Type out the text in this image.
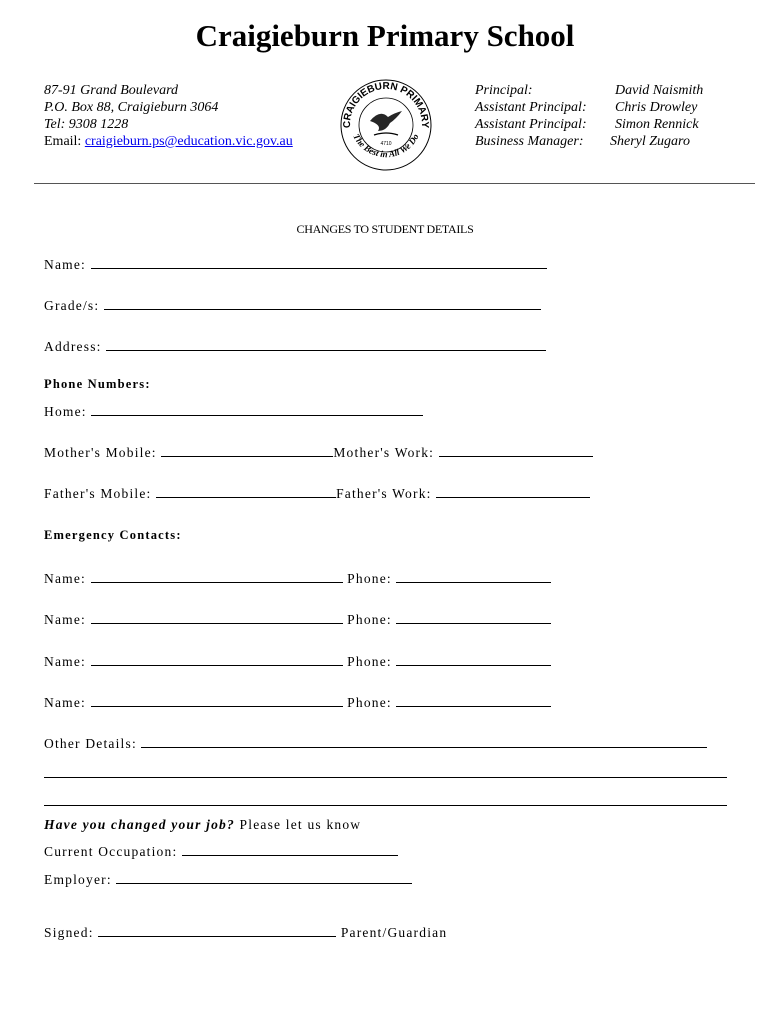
Craigieburn Primary School
87-91 Grand Boulevard
P.O. Box 88, Craigieburn 3064
Tel: 9308 1228
Email: craigieburn.ps@education.vic.gov.au
CRAIGIEBURN PRIMARY
The Best in All We Do
4710
Principal:	David Naismith
Assistant Principal: Chris Drowley
Assistant Principal: Simon Rennick
Business Manager: Sheryl Zugaro
CHANGES TO STUDENT DETAILS
Name:
Grade/s:
Address:
Phone Numbers:
Home:
Mother's Mobile:	Mother's Work:
Father's Mobile:	Father's Work:
Emergency Contacts:
Name:	Phone:
Name:	Phone:
Name:	Phone:
Name:	Phone:
Other Details:
Have you changed your job? Please let us know
Current Occupation:
Employer:
Signed:	Parent/Guardian
